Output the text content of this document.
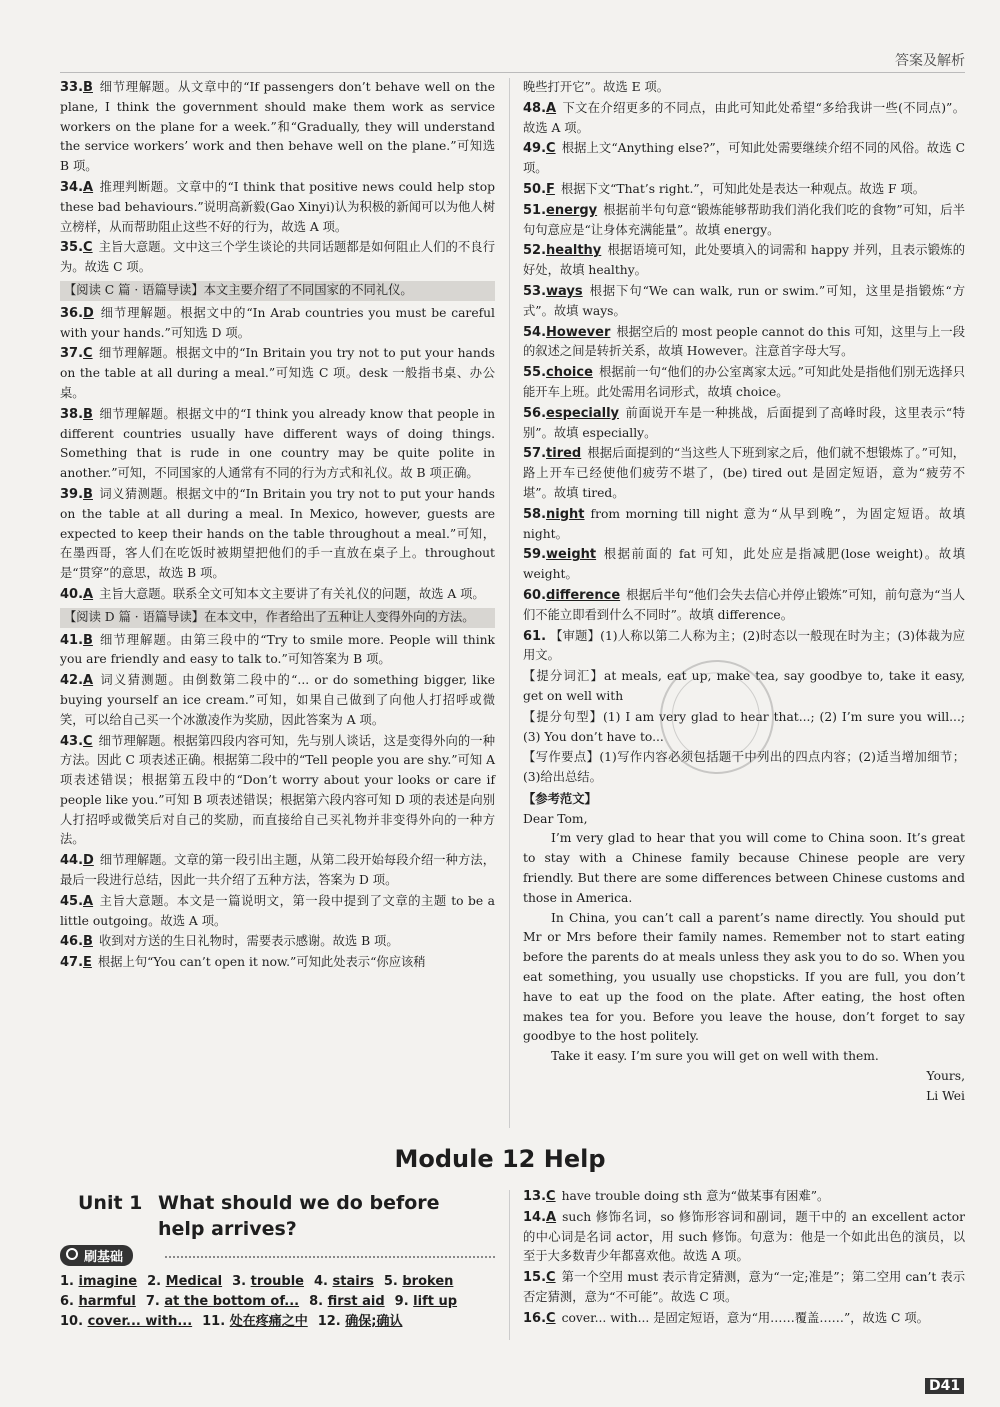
答案及解析
33.B 细节理解题。从文章中的“If passengers don’t behave well on the plane, I think the government should make them work as service workers on the plane for a week.”和“Gradually, they will understand the service workers’ work and then behave well on the plane.”可知选 B 项。
34.A 推理判断题。文章中的“I think that positive news could help stop these bad behaviours.”说明高新毅(Gao Xinyi)认为积极的新闻可以为他人树立榜样，从而帮助阻止这些不好的行为，故选 A 项。
35.C 主旨大意题。文中这三个学生谈论的共同话题都是如何阻止人们的不良行为。故选 C 项。
【阅读 C 篇 · 语篇导读】本文主要介绍了不同国家的不同礼仪。
36.D 细节理解题。根据文中的“In Arab countries you must be careful with your hands.”可知选 D 项。
37.C 细节理解题。根据文中的“In Britain you try not to put your hands on the table at all during a meal.”可知选 C 项。desk 一般指书桌、办公桌。
38.B 细节理解题。根据文中的“I think you already know that people in different countries usually have different ways of doing things. Something that is rude in one country may be quite polite in another.”可知，不同国家的人通常有不同的行为方式和礼仪。故 B 项正确。
39.B 词义猜测题。根据文中的“In Britain you try not to put your hands on the table at all during a meal. In Mexico, however, guests are expected to keep their hands on the table throughout a meal.”可知，在墨西哥，客人们在吃饭时被期望把他们的手一直放在桌子上。throughout 是“贯穿”的意思，故选 B 项。
40.A 主旨大意题。联系全文可知本文主要讲了有关礼仪的问题，故选 A 项。
【阅读 D 篇 · 语篇导读】在本文中，作者给出了五种让人变得外向的方法。
41.B 细节理解题。由第三段中的“Try to smile more. People will think you are friendly and easy to talk to.”可知答案为 B 项。
42.A 词义猜测题。由倒数第二段中的“... or do something bigger, like buying yourself an ice cream.”可知，如果自己做到了向他人打招呼或微笑，可以给自己买一个冰激凌作为奖励，因此答案为 A 项。
43.C 细节理解题。根据第四段内容可知，先与别人谈话，这是变得外向的一种方法。因此 C 项表述正确。根据第二段中的“Tell people you are shy.”可知 A 项表述错误；根据第五段中的“Don’t worry about your looks or care if people like you.”可知 B 项表述错误；根据第六段内容可知 D 项的表述是向别人打招呼或微笑后对自己的奖励，而直接给自己买礼物并非变得外向的一种方法。
44.D 细节理解题。文章的第一段引出主题，从第二段开始每段介绍一种方法，最后一段进行总结，因此一共介绍了五种方法，答案为 D 项。
45.A 主旨大意题。本文是一篇说明文，第一段中提到了文章的主题 to be a little outgoing。故选 A 项。
46.B 收到对方送的生日礼物时，需要表示感谢。故选 B 项。
47.E 根据上句“You can’t open it now.”可知此处表示“你应该稍
晚些打开它”。故选 E 项。
48.A 下文在介绍更多的不同点，由此可知此处希望“多给我讲一些(不同点)”。故选 A 项。
49.C 根据上文“Anything else?”，可知此处需要继续介绍不同的风俗。故选 C 项。
50.F 根据下文“That’s right.”，可知此处是表达一种观点。故选 F 项。
51.energy 根据前半句句意“锻炼能够帮助我们消化我们吃的食物”可知，后半句句意应是“让身体充满能量”。故填 energy。
52.healthy 根据语境可知，此处要填入的词需和 happy 并列，且表示锻炼的好处，故填 healthy。
53.ways 根据下句“We can walk, run or swim.”可知，这里是指锻炼“方式”。故填 ways。
54.However 根据空后的 most people cannot do this 可知，这里与上一段的叙述之间是转折关系，故填 However。注意首字母大写。
55.choice 根据前一句“他们的办公室离家太远。”可知此处是指他们别无选择只能开车上班。此处需用名词形式，故填 choice。
56.especially 前面说开车是一种挑战，后面提到了高峰时段，这里表示“特别”。故填 especially。
57.tired 根据后面提到的“当这些人下班到家之后，他们就不想锻炼了。”可知，路上开车已经使他们疲劳不堪了，(be) tired out 是固定短语，意为“疲劳不堪”。故填 tired。
58.night from morning till night 意为“从早到晚”，为固定短语。故填 night。
59.weight 根据前面的 fat 可知，此处应是指减肥(lose weight)。故填 weight。
60.difference 根据后半句“他们会失去信心并停止锻炼”可知，前句意为“当人们不能立即看到什么不同时”。故填 difference。
61. 【审题】(1)人称以第二人称为主；(2)时态以一般现在时为主；(3)体裁为应用文。
【提分词汇】at meals, eat up, make tea, say goodbye to, take it easy, get on well with
【提分句型】(1) I am very glad to hear that...; (2) I’m sure you will...; (3) You don’t have to...
【写作要点】(1)写作内容必须包括题干中列出的四点内容；(2)适当增加细节；(3)给出总结。
【参考范文】

Dear Tom,

I’m very glad to hear that you will come to China soon. It’s great to stay with a Chinese family because Chinese people are very friendly. But there are some differences between Chinese customs and those in America.

In China, you can’t call a parent’s name directly. You should put Mr or Mrs before their family names. Remember not to start eating before the parents do at meals unless they ask you to do so. When you eat something, you usually use chopsticks. If you are full, you don’t have to eat up the food on the plate. After eating, the host often makes tea for you. Before you leave the house, don’t forget to say goodbye to the host politely.

Take it easy. I’m sure you will get on well with them.

Yours,

Li Wei

Module 12 Help
Unit 1 What should we do before help arrives?
刷基础
1. imagine 2. Medical 3. trouble 4. stairs 5. broken
6. harmful 7. at the bottom of... 8. first aid 9. lift up
10. cover... with... 11. 处在疼痛之中 12. 确保;确认
13.C have trouble doing sth 意为“做某事有困难”。
14.A such 修饰名词，so 修饰形容词和副词，题干中的 an excellent actor 的中心词是名词 actor，用 such 修饰。句意为：他是一个如此出色的演员，以至于大多数青少年都喜欢他。故选 A 项。
15.C 第一个空用 must 表示肯定猜测，意为“一定;准是”；第二空用 can’t 表示否定猜测，意为“不可能”。故选 C 项。
16.C cover... with... 是固定短语，意为“用……覆盖……”，故选 C 项。
D41
